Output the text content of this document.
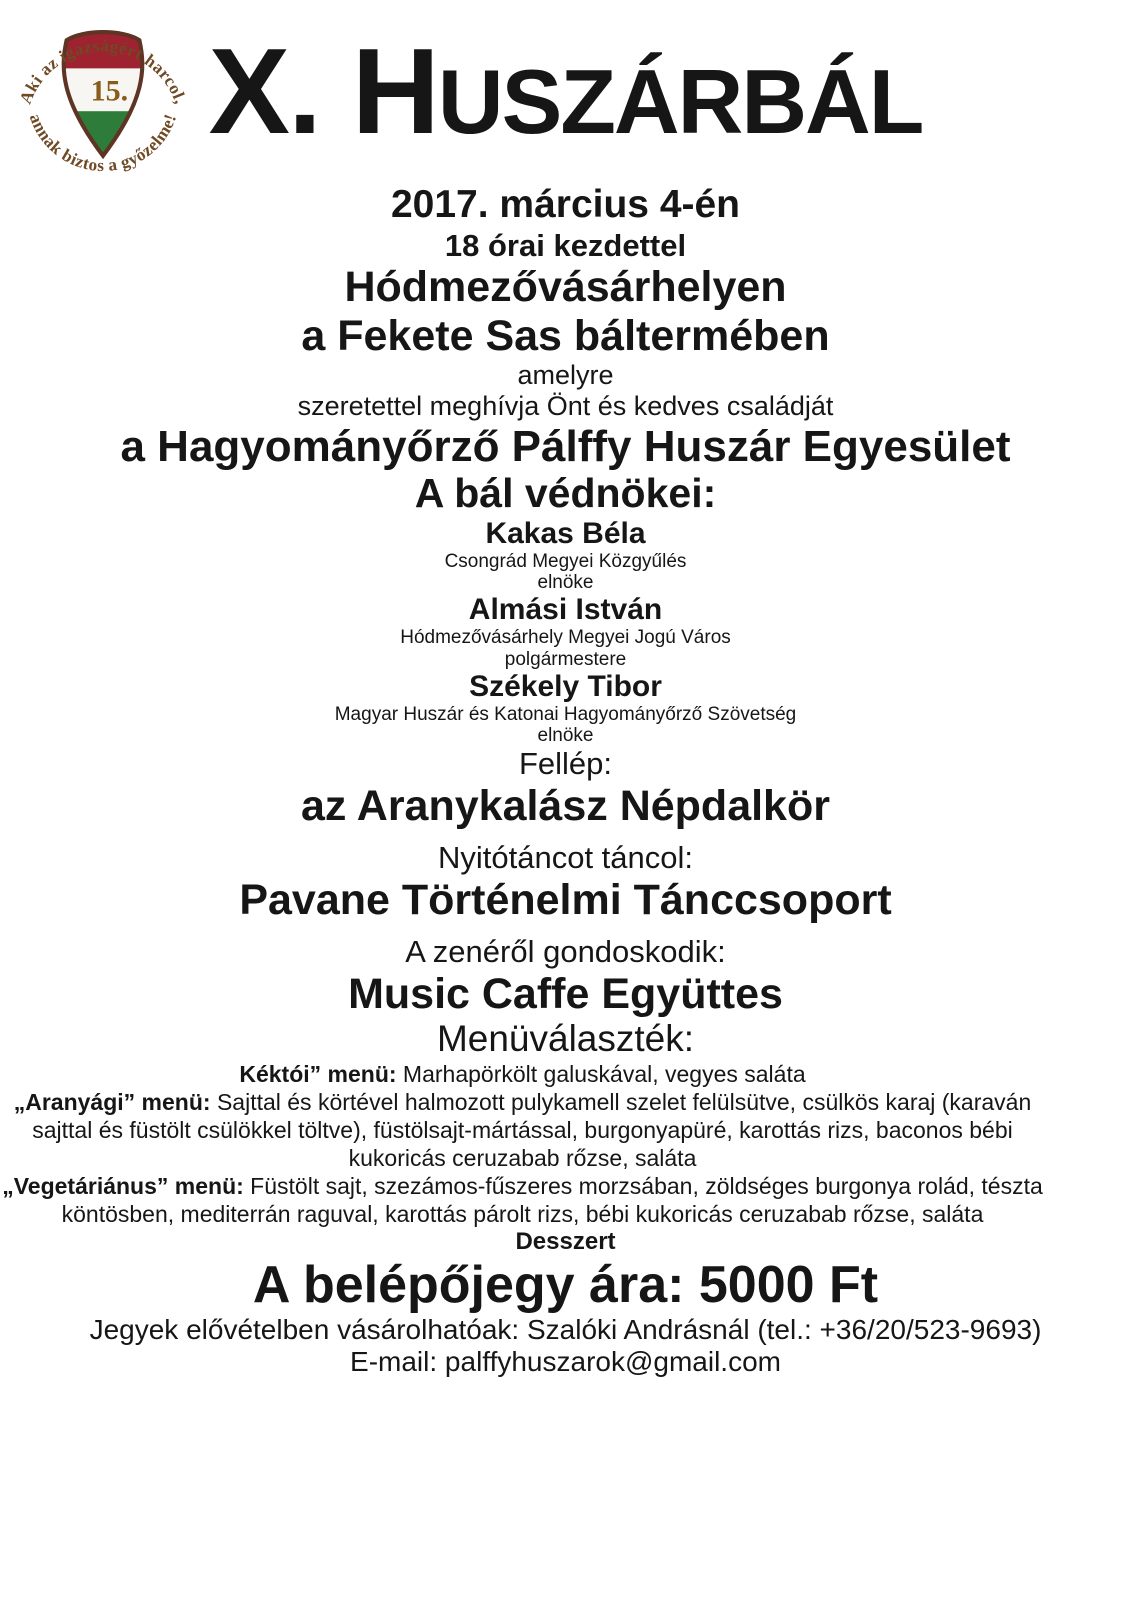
15.
Aki az igazságért harcol,
annak biztos a győzelme! X. HUSZÁRBÁL

2017. március 4-én

18 órai kezdettel

Hódmezővásárhelyen

a Fekete Sas báltermében

amelyre

szeretettel meghívja Önt és kedves családját

a Hagyományőrző Pálffy Huszár Egyesület

A bál védnökei:

Kakas Béla

Csongrád Megyei Közgyűlés

elnöke

Almási István

Hódmezővásárhely Megyei Jogú Város

polgármestere

Székely Tibor

Magyar Huszár és Katonai Hagyományőrző Szövetség

elnöke

Fellép:

az Aranykalász Népdalkör

Nyitótáncot táncol:

Pavane Történelmi Tánccsoport

A zenéről gondoskodik:

Music Caffe Együttes

Menüválaszték:

Kéktói” menü: Marhapörkölt galuskával, vegyes saláta

„Aranyági” menü: Sajttal és körtével halmozott pulykamell szelet felülsütve, csülkös karaj (karaván sajttal és füstölt csülökkel töltve), füstölsajt-mártással, burgonyapüré, karottás rizs, baconos bébi kukoricás ceruzabab rőzse, saláta

„Vegetáriánus” menü: Füstölt sajt, szezámos-fűszeres morzsában, zöldséges burgonya rolád, tészta köntösben, mediterrán raguval, karottás párolt rizs, bébi kukoricás ceruzabab rőzse, saláta

Desszert

A belépőjegy ára: 5000 Ft

Jegyek elővételben vásárolhatóak: Szalóki Andrásnál (tel.: +36/20/523-9693)

E-mail: palffyhuszarok@gmail.com
